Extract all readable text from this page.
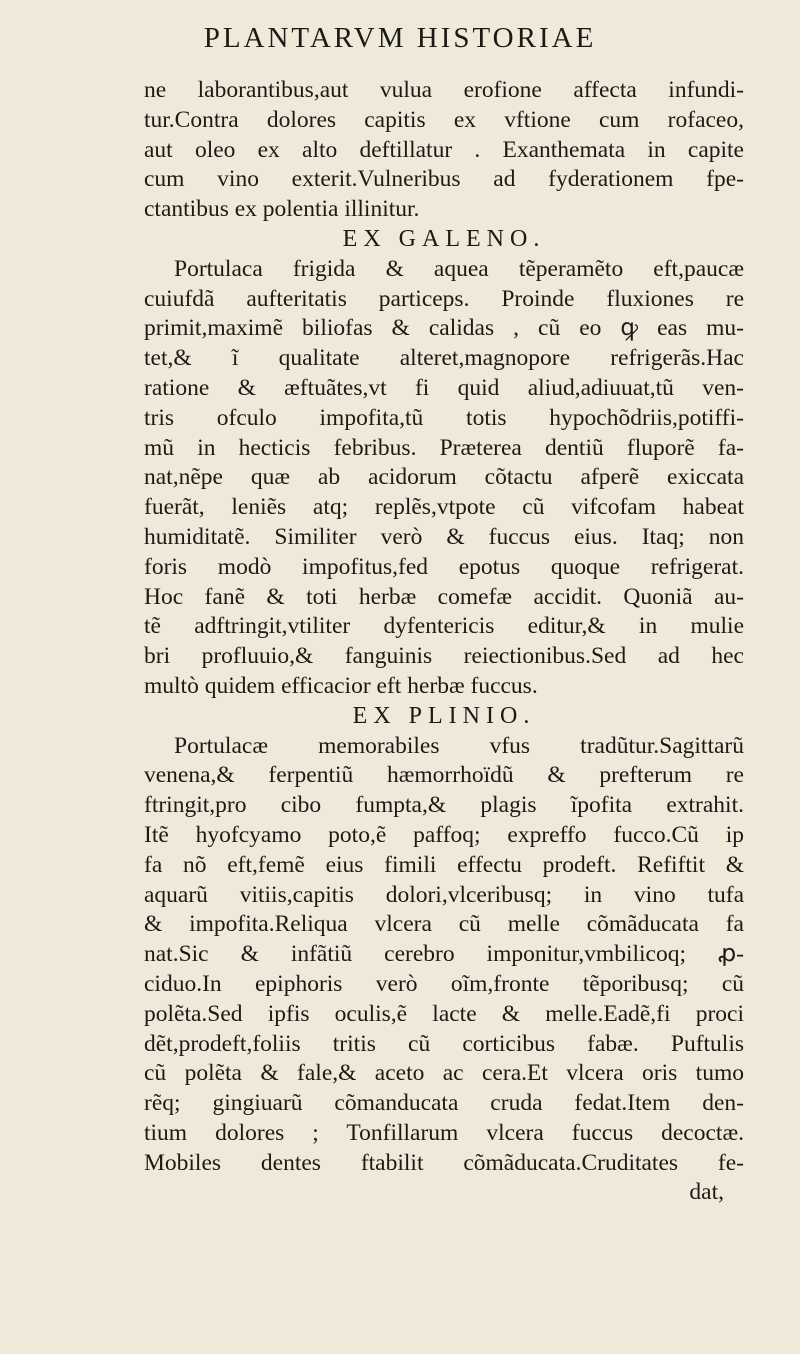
PLANTARVM HISTORIAE
ne laborantibus,aut vulua erofione affecta infundi-
tur.Contra dolores capitis ex vftione cum rofaceo,
aut oleo ex alto deftillatur . Exanthemata in capite
cum vino exterit.Vulneribus ad fyderationem fpe-
ctantibus ex polentia illinitur.
EX GALENO.
Portulaca frigida & aquea tẽperamẽto eft,paucæ
cuiufdã aufteritatis particeps. Proinde fluxiones re
primit,maximẽ biliofas & calidas , cũ eo ꝙ eas mu-
tet,& ĩ qualitate alteret,magnopore refrigerãs.Hac
ratione & æftuãtes,vt fi quid aliud,adiuuat,tũ ven-
tris ofculo impofita,tũ totis hypochõdriis,potiffi-
mũ in hecticis febribus. Præterea dentiũ fluporẽ fa-
nat,nẽpe quæ ab acidorum cõtactu afperẽ exiccata
fuerãt, leniẽs atq; replẽs,vtpote cũ vifcofam habeat
humiditatẽ. Similiter verò & fuccus eius. Itaq; non
foris modò impofitus,fed epotus quoque refrigerat.
Hoc fanẽ & toti herbæ comefæ accidit. Quoniã au-
tẽ adftringit,vtiliter dyfentericis editur,& in mulie
bri profluuio,& fanguinis reiectionibus.Sed ad hec
multò quidem efficacior eft herbæ fuccus.
EX PLINIO.
Portulacæ memorabiles vfus tradũtur.Sagittarũ
venena,& ferpentiũ hæmorrhoïdũ & prefterum re
ftringit,pro cibo fumpta,& plagis ĩpofita extrahit.
Itẽ hyofcyamo poto,ẽ paffoq; expreffo fucco.Cũ ip
fa nõ eft,femẽ eius fimili effectu prodeft. Refiftit &
aquarũ vitiis,capitis dolori,vlceribusq; in vino tufa
& impofita.Reliqua vlcera cũ melle cõmãducata fa
nat.Sic & infãtiũ cerebro imponitur,vmbilicoq; ꝓ-
ciduo.In epiphoris verò oĩm,fronte tẽporibusq; cũ
polẽta.Sed ipfis oculis,ẽ lacte & melle.Eadẽ,fi proci
dẽt,prodeft,foliis tritis cũ corticibus fabæ. Puftulis
cũ polẽta & fale,& aceto ac cera.Et vlcera oris tumo
rẽq; gingiuarũ cõmanducata cruda fedat.Item den-
tium dolores ; Tonfillarum vlcera fuccus decoctæ.
Mobiles dentes ftabilit cõmãducata.Cruditates fe-
dat,
